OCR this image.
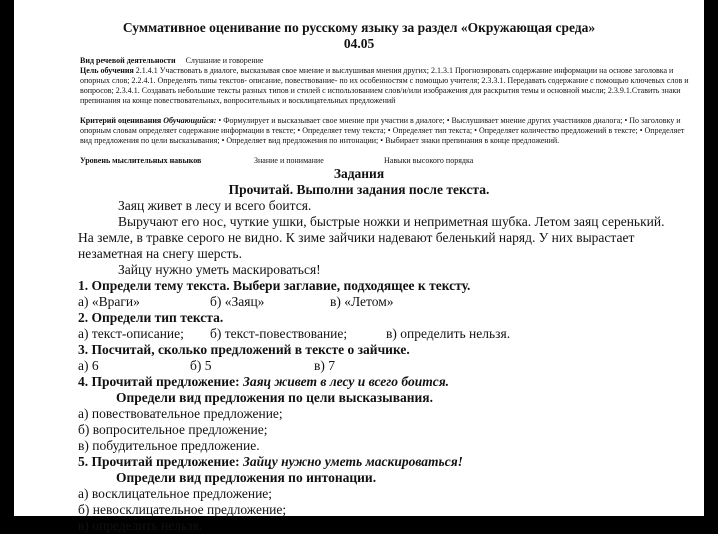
Суммативное оценивание по русскому языку за раздел «Окружающая среда»
04.05
Вид речевой деятельности Слушание и говорение
Цель обучения 2.1.4.1 Участвовать в диалоге, высказывая свое мнение и выслушивая мнения других; 2.1.3.1 Прогнозировать содержание информации на основе заголовка и опорных слов; 2.2.4.1. Определять типы текстов- описание, повествование- по их особенностям с помощью учителя; 2.3.3.1. Передавать содержание с помощью ключевых слов и вопросов; 2.3.4.1. Создавать небольшие тексты разных типов и стилей с использованием слов/и/или изображения для раскрытия темы и основной мысли; 2.3.9.1.Ставить знаки препинания на конце повествовательных, вопросительных и восклицательных предложений
Критерий оценивания Обучающийся: • Формулирует и высказывает свое мнение при участии в диалоге; • Выслушивает мнение других участников диалога; • По заголовку и опорным словам определяет содержание информации в тексте; • Определяет тему текста; • Определяет тип текста; • Определяет количество предложений в тексте; • Определяет вид предложения по цели высказывания; • Определяет вид предложения по интонации; • Выбирает знаки препинания в конце предложений.
Уровень мыслительных навыков	Знание и понимание	Навыки высокого порядка
Задания
Прочитай. Выполни задания после текста.
Заяц живет в лесу и всего боится.
Выручают его нос, чуткие ушки, быстрые ножки и неприметная шубка. Летом заяц серенький.
На земле, в травке серого не видно. К зиме зайчики надевают беленький наряд. У них вырастает
незаметная на снегу шерсть.
Зайцу нужно уметь маскироваться!
1. Определи тему текста. Выбери заглавие, подходящее к тексту.
а) «Враги»	б) «Заяц»	в) «Летом»
2. Определи тип текста.
а) текст-описание; б) текст-повествование;	в) определить нельзя.
3. Посчитай, сколько предложений в тексте о зайчике.
а) 6	б) 5	в) 7
4. Прочитай предложение: Заяц живет в лесу и всего боится.
Определи вид предложения по цели высказывания.
а) повествовательное предложение;
б) вопросительное предложение;
в) побудительное предложение.
5. Прочитай предложение: Зайцу нужно уметь маскироваться!
Определи вид предложения по интонации.
а) восклицательное предложение;
б) невосклицательное предложение;
в) определить нельзя.
